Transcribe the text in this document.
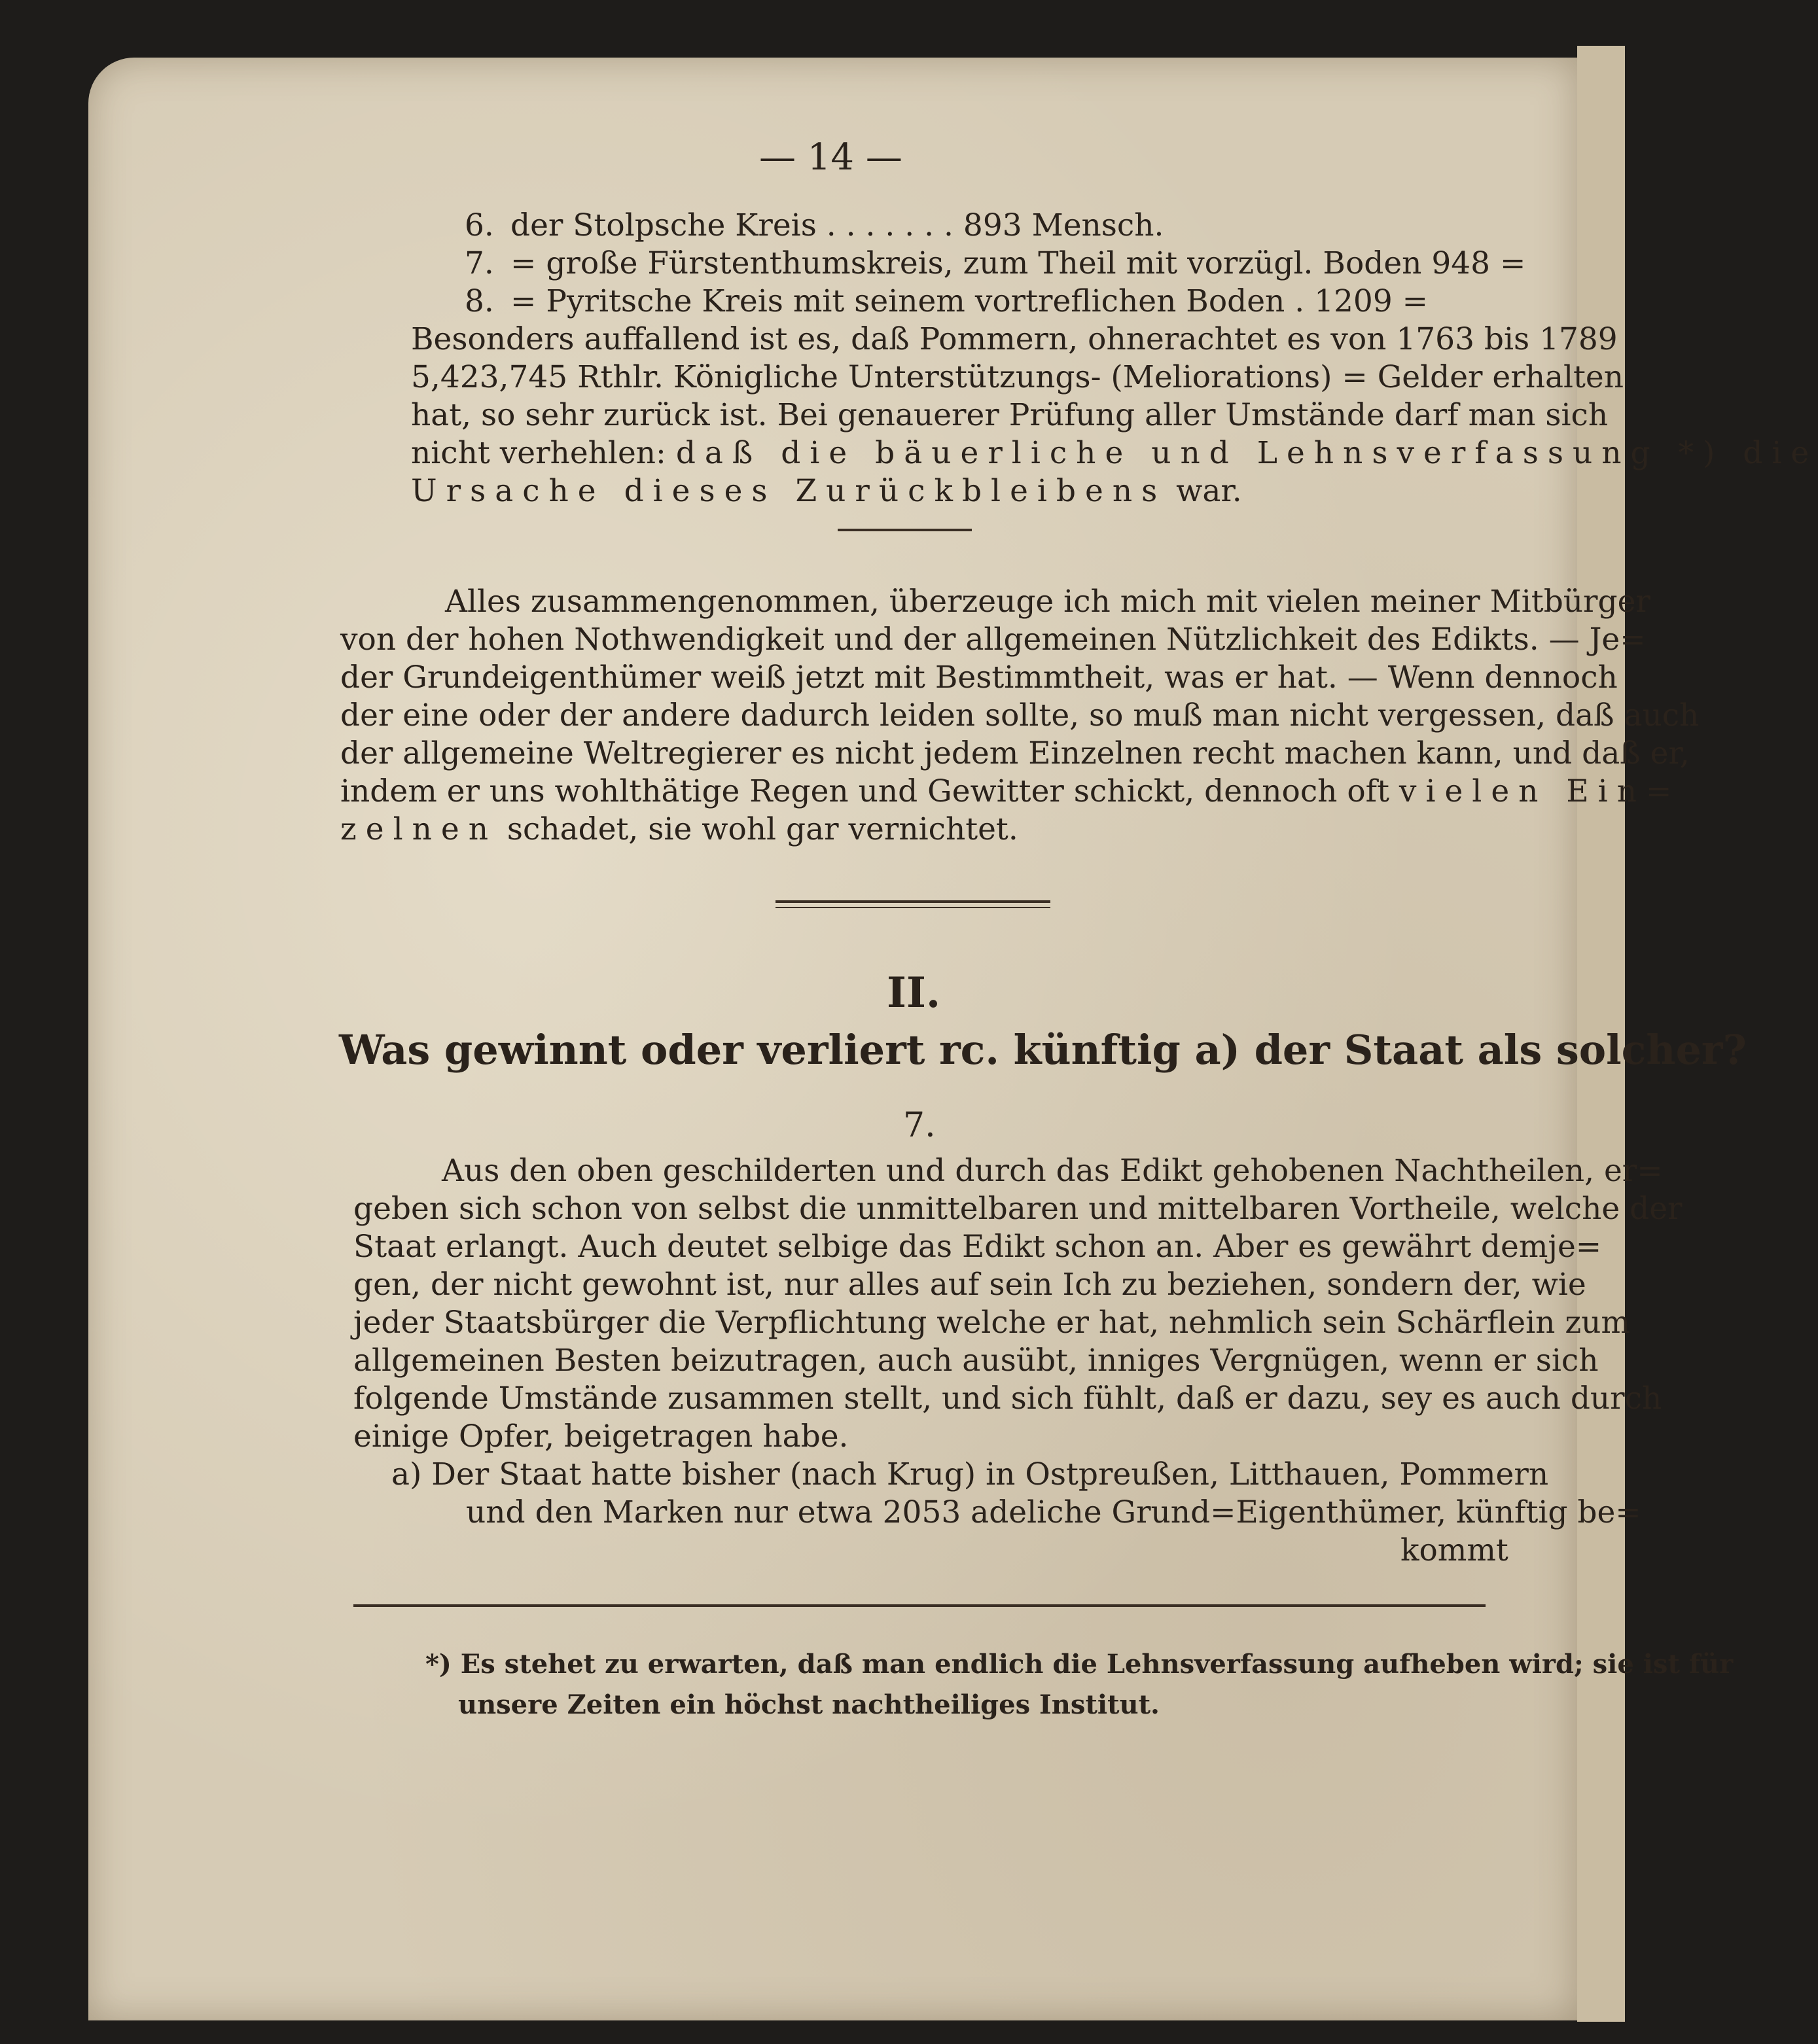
— 14 —
6. der Stolpsche Kreis . . . . . . . 893 Mensch.
7. = große Fürstenthumskreis, zum Theil mit vorzügl. Boden 948 =
8. = Pyritsche Kreis mit seinem vortreflichen Boden . 1209 =
Besonders auffallend ist es, daß Pommern, ohnerachtet es von 1763 bis 1789
5,423,745 Rthlr. Königliche Unterstützungs- (Meliorations) = Gelder erhalten
hat, so sehr zurück ist. Bei genauerer Prüfung aller Umstände darf man sich
nicht verhehlen: daß die bäuerliche und Lehnsverfassung *) die
Ursache dieses Zurückbleibens war.
Alles zusammengenommen, überzeuge ich mich mit vielen meiner Mitbürger
von der hohen Nothwendigkeit und der allgemeinen Nützlichkeit des Edikts. — Je=
der Grundeigenthümer weiß jetzt mit Bestimmtheit, was er hat. — Wenn dennoch
der eine oder der andere dadurch leiden sollte, so muß man nicht vergessen, daß auch
der allgemeine Weltregierer es nicht jedem Einzelnen recht machen kann, und daß er,
indem er uns wohlthätige Regen und Gewitter schickt, dennoch oft vielen Ein=
zelnen schadet, sie wohl gar vernichtet.
II.
Was gewinnt oder verliert rc. künftig a) der Staat als solcher?
7.
Aus den oben geschilderten und durch das Edikt gehobenen Nachtheilen, er=
geben sich schon von selbst die unmittelbaren und mittelbaren Vortheile, welche der
Staat erlangt. Auch deutet selbige das Edikt schon an. Aber es gewährt demje=
gen, der nicht gewohnt ist, nur alles auf sein Ich zu beziehen, sondern der, wie
jeder Staatsbürger die Verpflichtung welche er hat, nehmlich sein Schärflein zum
allgemeinen Besten beizutragen, auch ausübt, inniges Vergnügen, wenn er sich
folgende Umstände zusammen stellt, und sich fühlt, daß er dazu, sey es auch durch
einige Opfer, beigetragen habe.
a) Der Staat hatte bisher (nach Krug) in Ostpreußen, Litthauen, Pommern
und den Marken nur etwa 2053 adeliche Grund=Eigenthümer, künftig be=
kommt
*) Es stehet zu erwarten, daß man endlich die Lehnsverfassung aufheben wird; sie ist für
unsere Zeiten ein höchst nachtheiliges Institut.
